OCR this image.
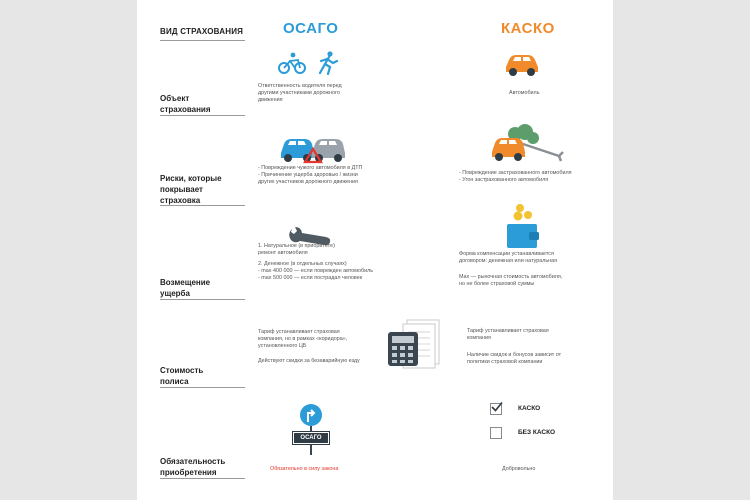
ВИД СТРАХОВАНИЯ	ОСАГО	КАСКО
Объект
страхования
Ответственность водителя перед
другими участниками дорожного
движения
Автомобиль
Риски, которые
покрывает
страховка
- Повреждение чужого автомобиля в ДТП
- Причинение ущерба здоровью / жизни
других участников дорожного движения
- Повреждение застрахованного автомобиля
- Угон застрахованного автомобиля
Возмещение
ущерба
1. Натуральное (в приоритете)
ремонт автомобиля
2. Денежное (в отдельных случаях)
- max 400 000 — если поврежден автомобиль
- max 500 000 — если пострадал человек
Форма компенсации устанавливается
договором: денежная или натуральная
Max — рыночная стоимость автомобиля,
но не более страховой суммы
Стоимость
полиса
Тариф устанавливает страховая
компания, но в рамках «коридора»,
установленного ЦБ
Действуют скидки за безаварийную езду
Тариф устанавливает страховая
компания
Наличие скидок и бонусов зависит от
политики страховой компании
Обязательность
приобретения
ОСАГО
Обязательно в силу закона
КАСКО
БЕЗ КАСКО
Добровольно
